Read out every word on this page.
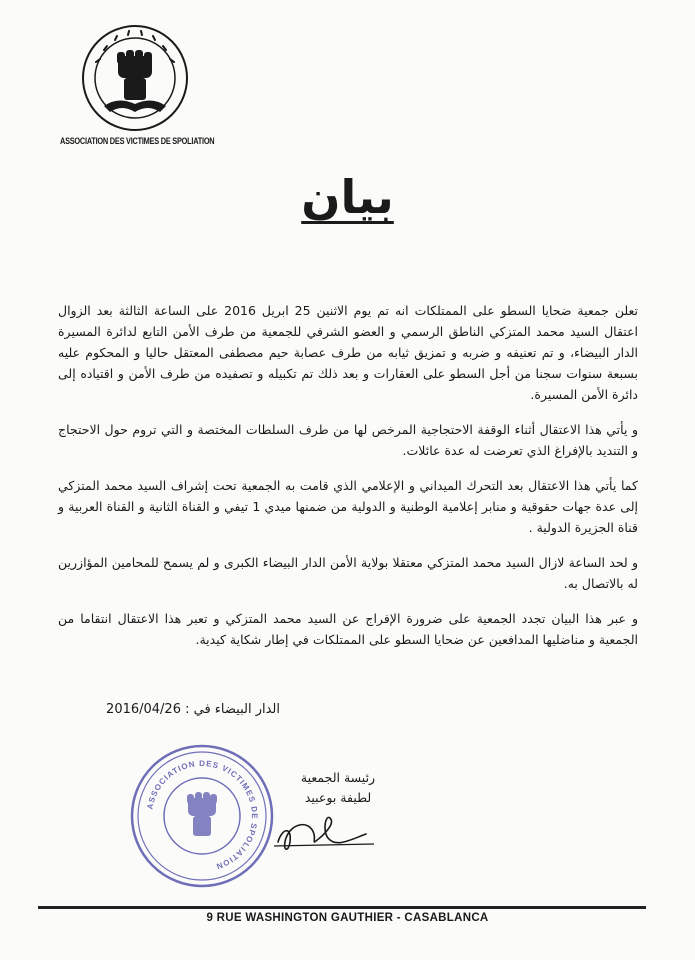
ASSOCIATION DES VICTIMES DE SPOLIATION
بيان

تعلن جمعية ضحايا السطو على الممتلكات انه تم يوم الاثنين 25 ابريل 2016 على الساعة الثالثة بعد الزوال اعتقال السيد محمد المتزكي الناطق الرسمي و العضو الشرفي للجمعية من طرف الأمن التابع لدائرة المسيرة الدار البيضاء، و تم تعنيفه و ضربه و تمزيق ثيابه من طرف عصابة حيم مصطفى المعتقل حاليا و المحكوم عليه بسبعة سنوات سجنا من أجل السطو على العقارات و بعد ذلك تم تكبيله و تصفيده من طرف الأمن و اقتياده إلى دائرة الأمن المسيرة.

و يأتي هذا الاعتقال أثناء الوقفة الاحتجاجية المرخص لها من طرف السلطات المختصة و التي تروم حول الاحتجاج و التنديد بالإفراغ الذي تعرضت له عدة عائلات.

كما يأتي هذا الاعتقال بعد التحرك الميداني و الإعلامي الذي قامت به الجمعية تحت إشراف السيد محمد المتزكي إلى عدة جهات حقوقية و منابر إعلامية الوطنية و الدولية من ضمنها ميدي 1 تيفي و القناة الثانية و القناة العربية و قناة الجزيرة الدولية .

و لحد الساعة لازال السيد محمد المتزكي معتقلا بولاية الأمن الدار البيضاء الكبرى و لم يسمح للمحامين المؤازرين له بالاتصال به.

و عبر هذا البيان تجدد الجمعية على ضرورة الإفراج عن السيد محمد المتزكي و تعبر هذا الاعتقال انتقاما من الجمعية و مناضليها المدافعين عن ضحايا السطو على الممتلكات في إطار شكاية كيدية.

الدار البيضاء في : 2016/04/26
ASSOCIATION DES VICTIMES DE SPOLIATION
رئيسة الجمعية
لطيفة بوعبيد
9 RUE WASHINGTON GAUTHIER - CASABLANCA
